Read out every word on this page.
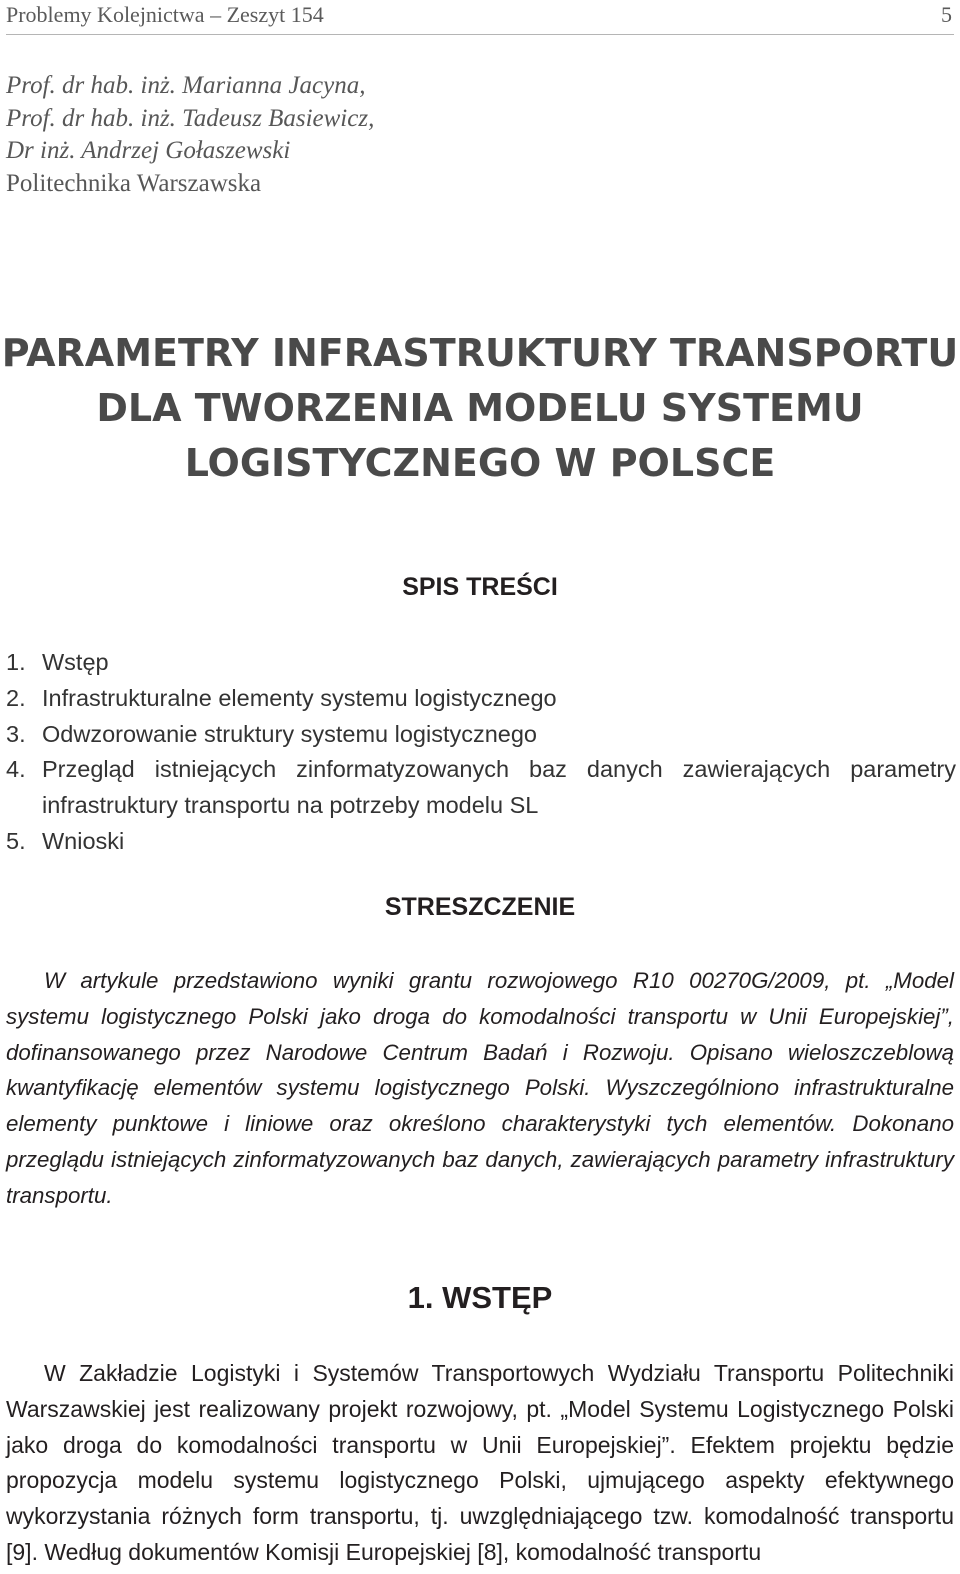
Problemy Kolejnictwa – Zeszyt 154	5
Prof. dr hab. inż. Marianna Jacyna,
Prof. dr hab. inż. Tadeusz Basiewicz,
Dr inż. Andrzej Gołaszewski
Politechnika Warszawska
PARAMETRY INFRASTRUKTURY TRANSPORTU
DLA TWORZENIA MODELU SYSTEMU
LOGISTYCZNEGO W POLSCE
SPIS TREŚCI
1. Wstęp
2. Infrastrukturalne elementy systemu logistycznego
3. Odwzorowanie struktury systemu logistycznego
4. Przegląd istniejących zinformatyzowanych baz danych zawierających parametry infrastruktury transportu na potrzeby modelu SL
5. Wnioski
STRESZCZENIE

W artykule przedstawiono wyniki grantu rozwojowego R10 00270G/2009, pt. „Model systemu logistycznego Polski jako droga do komodalności transportu w Unii Europejskiej”, dofinansowanego przez Narodowe Centrum Badań i Rozwoju. Opisano wieloszczeblową kwantyfikację elementów systemu logistycznego Polski. Wyszczególniono infrastrukturalne elementy punktowe i liniowe oraz określono charakterystyki tych elementów. Dokonano przeglądu istniejących zinformatyzowanych baz danych, zawierających parametry infrastruktury transportu.

1. WSTĘP

W Zakładzie Logistyki i Systemów Transportowych Wydziału Transportu Politechniki Warszawskiej jest realizowany projekt rozwojowy, pt. „Model Systemu Logistycznego Polski jako droga do komodalności transportu w Unii Europejskiej”. Efektem projektu będzie propozycja modelu systemu logistycznego Polski, ujmującego aspekty efektywnego wykorzystania różnych form transportu, tj. uwzględniającego tzw. komodalność transportu [9]. Według dokumentów Komisji Europejskiej [8], komodalność transportu
